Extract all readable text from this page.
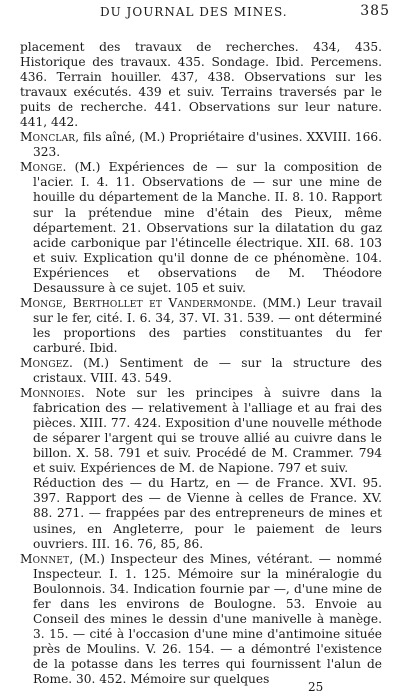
DU JOURNAL DES MINES.	385

placement des travaux de recherches. 434, 435. Historique des travaux. 435. Sondage. Ibid. Percemens. 436. Terrain houiller. 437, 438. Observations sur les travaux exécutés. 439 et suiv. Terrains traversés par le puits de recherche. 441. Observations sur leur nature. 441, 442.

Monclar, fils aîné, (M.) Propriétaire d'usines. XXVIII. 166. 323.

Monge. (M.) Expériences de — sur la composition de l'acier. I. 4. 11. Observations de — sur une mine de houille du département de la Manche. II. 8. 10. Rapport sur la prétendue mine d'étain des Pieux, même département. 21. Observations sur la dilatation du gaz acide carbonique par l'étincelle électrique. XII. 68. 103 et suiv. Explication qu'il donne de ce phénomène. 104. Expériences et observations de M. Théodore Desaussure à ce sujet. 105 et suiv.

Monge, Berthollet et Vandermonde. (MM.) Leur travail sur le fer, cité. I. 6. 34, 37. VI. 31. 539. — ont déterminé les proportions des parties constituantes du fer carburé. Ibid.

Mongez. (M.) Sentiment de — sur la structure des cristaux. VIII. 43. 549.

Monnoies. Note sur les principes à suivre dans la fabrication des — relativement à l'alliage et au frai des pièces. XIII. 77. 424. Exposition d'une nouvelle méthode de séparer l'argent qui se trouve allié au cuivre dans le billon. X. 58. 791 et suiv. Procédé de M. Crammer. 794 et suiv. Expériences de M. de Napione. 797 et suiv.

Réduction des — du Hartz, en — de France. XVI. 95. 397. Rapport des — de Vienne à celles de France. XV. 88. 271. — frappées par des entrepreneurs de mines et usines, en Angleterre, pour le paiement de leurs ouvriers. III. 16. 76, 85, 86.

Monnet, (M.) Inspecteur des Mines, vétérant. — nommé Inspecteur. I. 1. 125. Mémoire sur la minéralogie du Boulonnois. 34. Indication fournie par —, d'une mine de fer dans les environs de Boulogne. 53. Envoie au Conseil des mines le dessin d'une manivelle à manège. 3. 15. — cité à l'occasion d'une mine d'antimoine située près de Moulins. V. 26. 154. — a démontré l'existence de la potasse dans les terres qui fournissent l'alun de Rome. 30. 452. Mémoire sur quelques

25
